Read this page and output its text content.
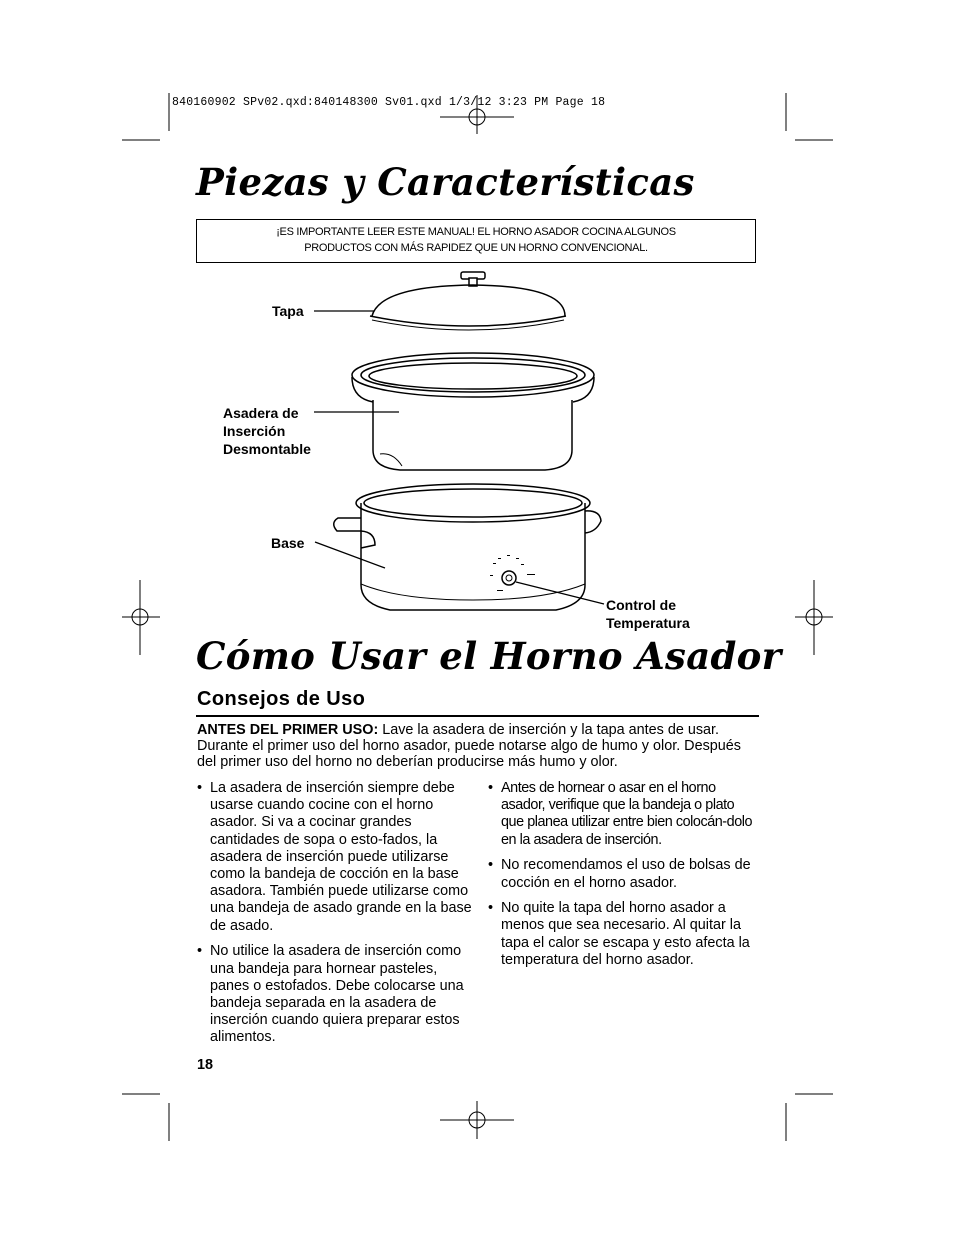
840160902 SPv02.qxd:840148300 Sv01.qxd 1/3/12 3:23 PM Page 18
Piezas y Características
¡ES IMPORTANTE LEER ESTE MANUAL! EL HORNO ASADOR COCINA ALGUNOS
PRODUCTOS CON MÁS RAPIDEZ QUE UN HORNO CONVENCIONAL.
Tapa
Asadera de
Inserción
Desmontable
Base
Control de
Temperatura
Cómo Usar el Horno Asador
Consejos de Uso
ANTES DEL PRIMER USO: Lave la asadera de inserción y la tapa antes de usar. Durante el primer uso del horno asador, puede notarse algo de humo y olor. Después del primer uso del horno no deberían producirse más humo y olor.
• La asadera de inserción siempre debe usarse cuando cocine con el horno asador. Si va a cocinar grandes cantidades de sopa o esto-fados, la asadera de inserción puede utilizarse como la bandeja de cocción en la base asadora. También puede utilizarse como una bandeja de asado grande en la base de asado.
• No utilice la asadera de inserción como una bandeja para hornear pasteles, panes o estofados. Debe colocarse una bandeja separada en la asadera de inserción cuando quiera preparar estos alimentos.
• Antes de hornear o asar en el horno asador, verifique que la bandeja o plato que planea utilizar entre bien colocán-dolo en la asadera de inserción.
• No recomendamos el uso de bolsas de cocción en el horno asador.
• No quite la tapa del horno asador a menos que sea necesario. Al quitar la tapa el calor se escapa y esto afecta la temperatura del horno asador.
18
